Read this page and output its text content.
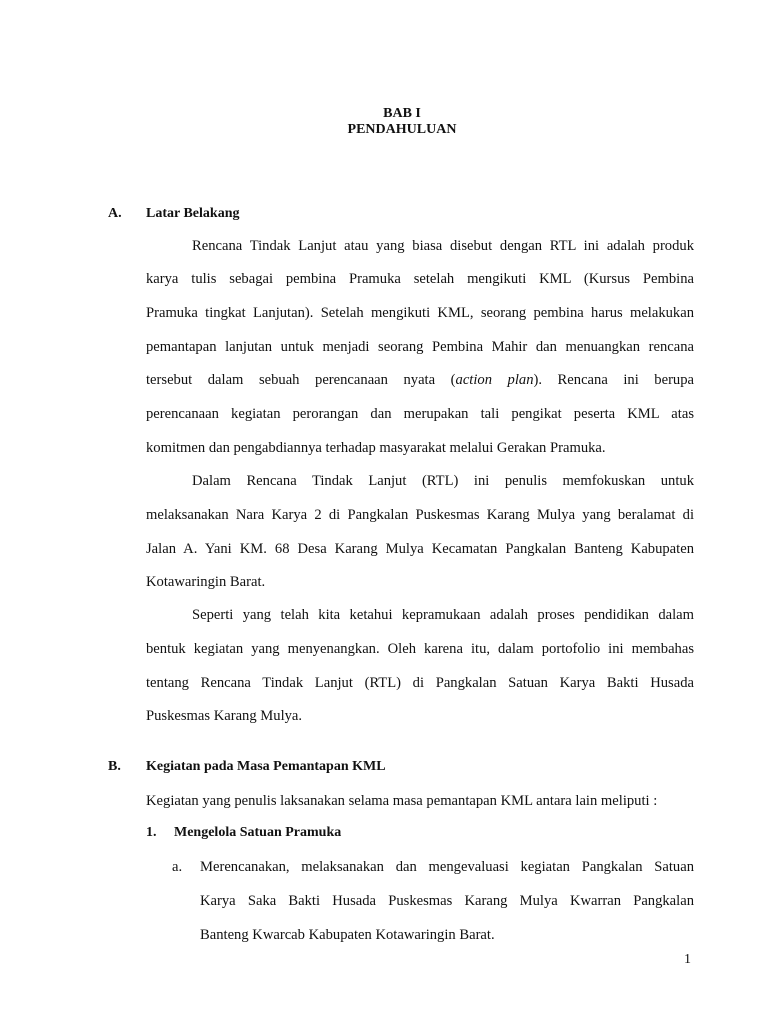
BAB I
PENDAHULUAN
A. Latar Belakang
Rencana Tindak Lanjut atau yang biasa disebut dengan RTL ini adalah produk
karya tulis sebagai pembina Pramuka setelah mengikuti KML (Kursus Pembina
Pramuka tingkat Lanjutan). Setelah mengikuti KML, seorang pembina harus melakukan
pemantapan lanjutan untuk menjadi seorang Pembina Mahir dan menuangkan rencana
tersebut dalam sebuah perencanaan nyata (action plan). Rencana ini berupa
perencanaan kegiatan perorangan dan merupakan tali pengikat peserta KML atas
komitmen dan pengabdiannya terhadap masyarakat melalui Gerakan Pramuka.
Dalam Rencana Tindak Lanjut (RTL) ini penulis memfokuskan untuk
melaksanakan Nara Karya 2 di Pangkalan Puskesmas Karang Mulya yang beralamat di
Jalan A. Yani KM. 68 Desa Karang Mulya Kecamatan Pangkalan Banteng Kabupaten
Kotawaringin Barat.
Seperti yang telah kita ketahui kepramukaan adalah proses pendidikan dalam
bentuk kegiatan yang menyenangkan. Oleh karena itu, dalam portofolio ini membahas
tentang Rencana Tindak Lanjut (RTL) di Pangkalan Satuan Karya Bakti Husada
Puskesmas Karang Mulya.
B. Kegiatan pada Masa Pemantapan KML
Kegiatan yang penulis laksanakan selama masa pemantapan KML antara lain meliputi :
1. Mengelola Satuan Pramuka
a. Merencanakan, melaksanakan dan mengevaluasi kegiatan Pangkalan Satuan
Karya Saka Bakti Husada Puskesmas Karang Mulya Kwarran Pangkalan
Banteng Kwarcab Kabupaten Kotawaringin Barat.
1
